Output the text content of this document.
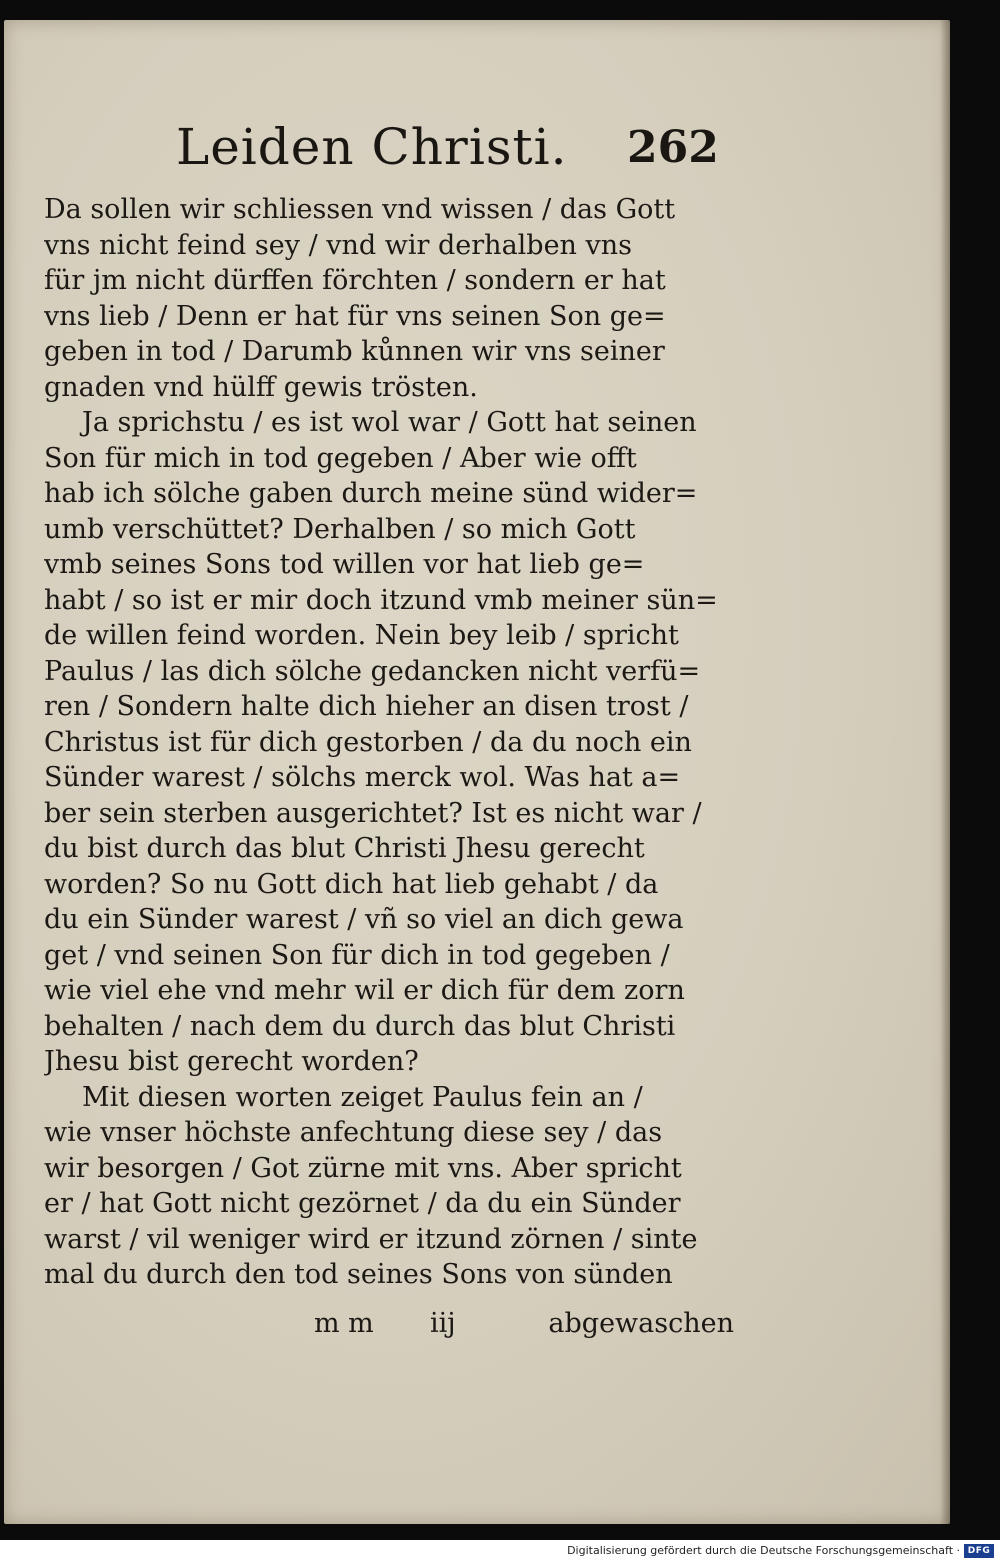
Leiden Christi. 262
Da sollen wir schliessen vnd wissen / das Gott
vns nicht feind sey / vnd wir derhalben vns
für jm nicht dürffen förchten / sondern er hat
vns lieb / Denn er hat für vns seinen Son ge=
geben in tod / Darumb kůnnen wir vns seiner
gnaden vnd hülff gewis trösten.
Ja sprichstu / es ist wol war / Gott hat seinen
Son für mich in tod gegeben / Aber wie offt
hab ich sölche gaben durch meine sünd wider=
umb verschüttet? Derhalben / so mich Gott
vmb seines Sons tod willen vor hat lieb ge=
habt / so ist er mir doch itzund vmb meiner sün=
de willen feind worden. Nein bey leib / spricht
Paulus / las dich sölche gedancken nicht verfü=
ren / Sondern halte dich hieher an disen trost /
Christus ist für dich gestorben / da du noch ein
Sünder warest / sölchs merck wol. Was hat a=
ber sein sterben ausgerichtet? Ist es nicht war /
du bist durch das blut Christi Jhesu gerecht
worden? So nu Gott dich hat lieb gehabt / da
du ein Sünder warest / vñ so viel an dich gewa
get / vnd seinen Son für dich in tod gegeben /
wie viel ehe vnd mehr wil er dich für dem zorn
behalten / nach dem du durch das blut Christi
Jhesu bist gerecht worden?
Mit diesen worten zeiget Paulus fein an /
wie vnser höchste anfechtung diese sey / das
wir besorgen / Got zürne mit vns. Aber spricht
er / hat Gott nicht gezörnet / da du ein Sünder
warst / vil weniger wird er itzund zörnen / sinte
mal du durch den tod seines Sons von sünden
m m iij	abgewaschen
Digitalisierung gefördert durch die Deutsche Forschungsgemeinschaft · DFG
